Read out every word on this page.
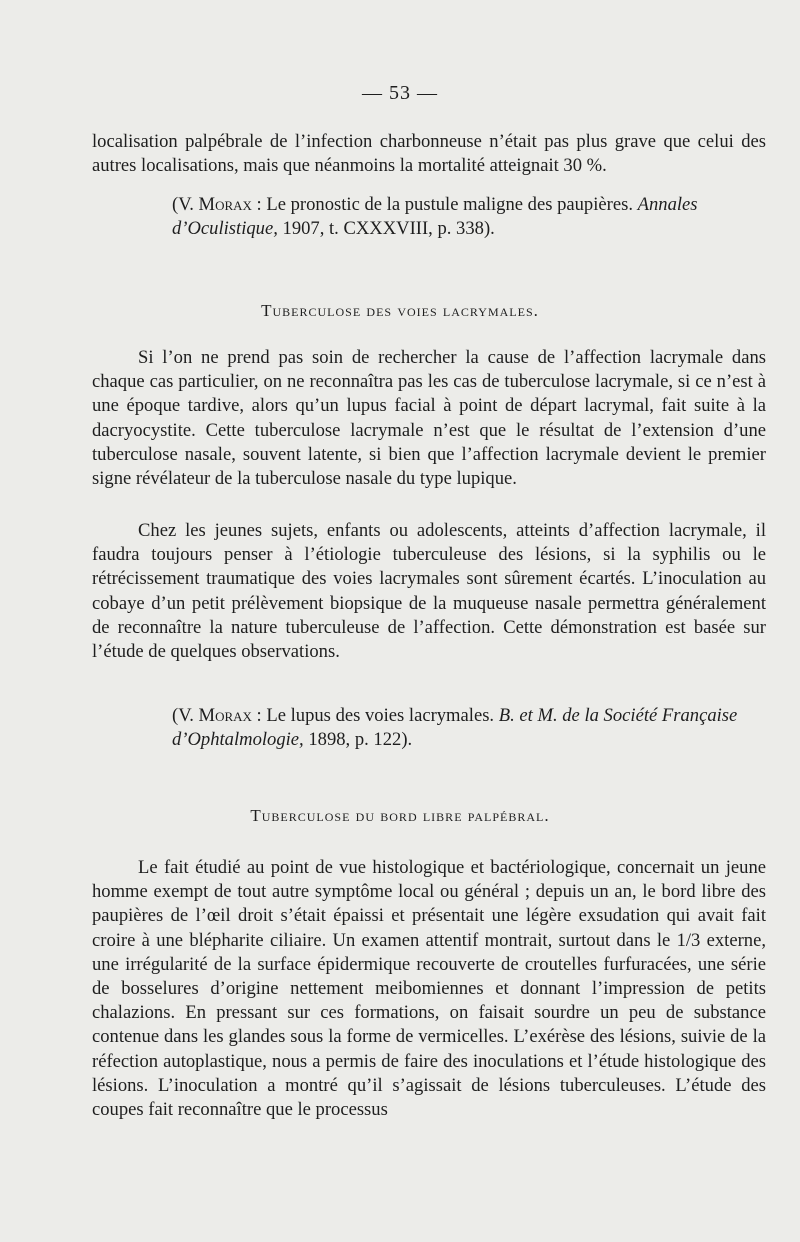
— 53 —

localisation palpébrale de l’infection charbonneuse n’était pas plus grave que celui des autres localisations, mais que néanmoins la mortalité atteignait 30 %.

(V. Morax : Le pronostic de la pustule maligne des paupières. Annales d’Oculistique, 1907, t. CXXXVIII, p. 338).

Tuberculose des voies lacrymales.

Si l’on ne prend pas soin de rechercher la cause de l’affection lacrymale dans chaque cas particulier, on ne reconnaîtra pas les cas de tuberculose lacrymale, si ce n’est à une époque tardive, alors qu’un lupus facial à point de départ lacrymal, fait suite à la dacryocystite. Cette tuberculose lacrymale n’est que le résultat de l’extension d’une tuberculose nasale, souvent latente, si bien que l’affection lacrymale devient le premier signe révélateur de la tuberculose nasale du type lupique.

Chez les jeunes sujets, enfants ou adolescents, atteints d’affection lacrymale, il faudra toujours penser à l’étiologie tuberculeuse des lésions, si la syphilis ou le rétrécissement traumatique des voies lacrymales sont sûrement écartés. L’inoculation au cobaye d’un petit prélèvement biopsique de la muqueuse nasale permettra généralement de reconnaître la nature tuberculeuse de l’affection. Cette démonstration est basée sur l’étude de quelques observations.

(V. Morax : Le lupus des voies lacrymales. B. et M. de la Société Française d’Ophtalmologie, 1898, p. 122).

Tuberculose du bord libre palpébral.

Le fait étudié au point de vue histologique et bactériologique, concernait un jeune homme exempt de tout autre symptôme local ou général ; depuis un an, le bord libre des paupières de l’œil droit s’était épaissi et présentait une légère exsudation qui avait fait croire à une blépharite ciliaire. Un examen attentif montrait, surtout dans le 1/3 externe, une irrégularité de la surface épidermique recouverte de croutelles furfuracées, une série de bosselures d’origine nettement meibomiennes et donnant l’impression de petits chalazions. En pressant sur ces formations, on faisait sourdre un peu de substance contenue dans les glandes sous la forme de vermicelles. L’exérèse des lésions, suivie de la réfection autoplastique, nous a permis de faire des inoculations et l’étude histologique des lésions. L’inoculation a montré qu’il s’agissait de lésions tuberculeuses. L’étude des coupes fait reconnaître que le processus
